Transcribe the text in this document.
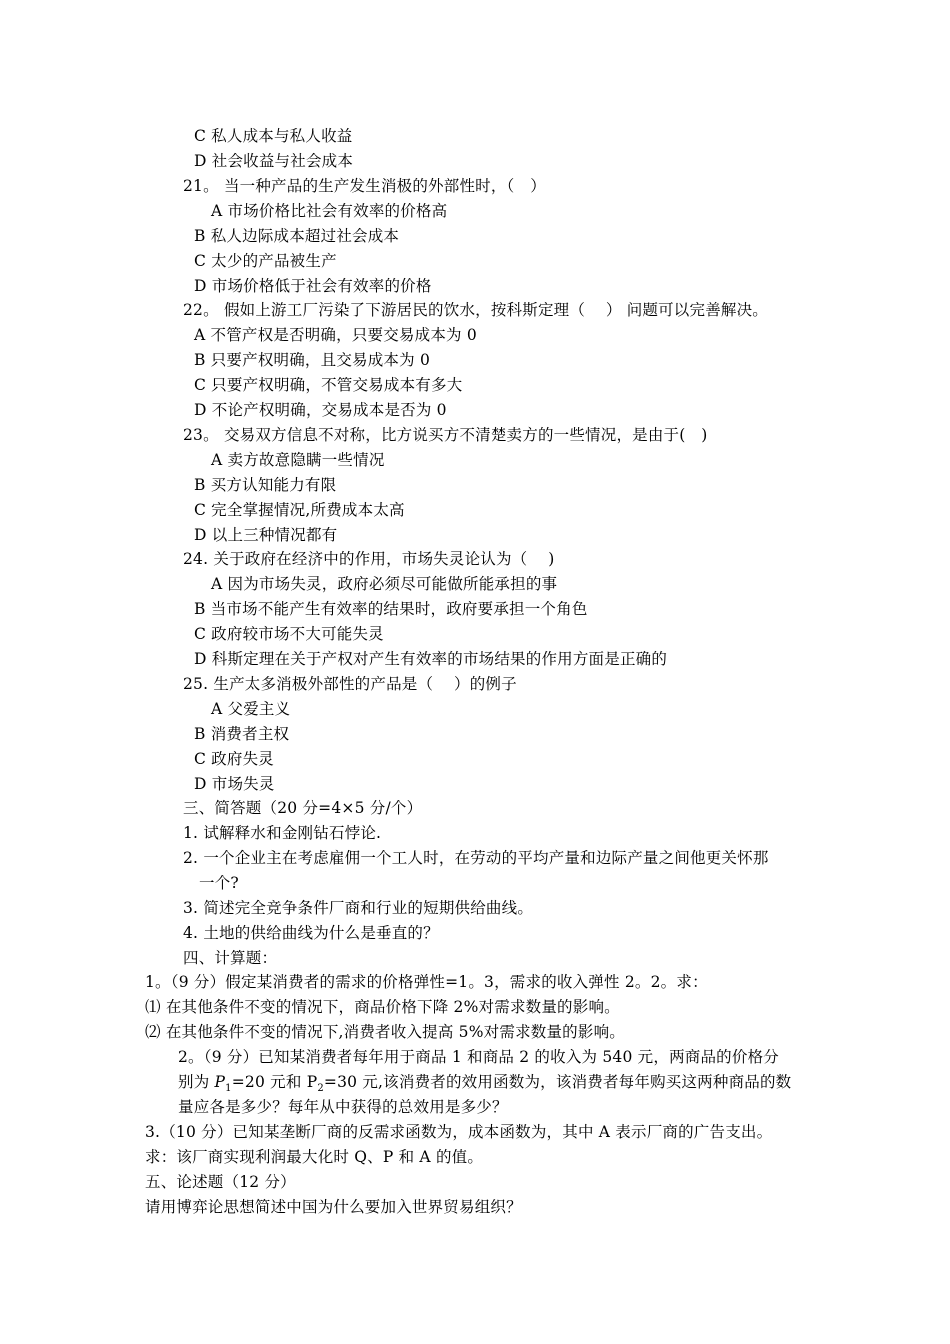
C 私人成本与私人收益

D 社会收益与社会成本

21。 当一种产品的生产发生消极的外部性时，（　）

A 市场价格比社会有效率的价格高

B 私人边际成本超过社会成本

C 太少的产品被生产

D 市场价格低于社会有效率的价格

22。 假如上游工厂污染了下游居民的饮水，按科斯定理（　 ） 问题可以完善解决。

A 不管产权是否明确，只要交易成本为 0

B 只要产权明确，且交易成本为 0

C 只要产权明确，不管交易成本有多大

D 不论产权明确，交易成本是否为 0

23。 交易双方信息不对称，比方说买方不清楚卖方的一些情况，是由于(　)

A 卖方故意隐瞒一些情况

B 买方认知能力有限

C 完全掌握情况,所费成本太高

D 以上三种情况都有

24. 关于政府在经济中的作用，市场失灵论认为（　 )

A 因为市场失灵，政府必须尽可能做所能承担的事

B 当市场不能产生有效率的结果时，政府要承担一个角色

C 政府较市场不大可能失灵

D 科斯定理在关于产权对产生有效率的市场结果的作用方面是正确的

25. 生产太多消极外部性的产品是（　 ）的例子

A 父爱主义

B 消费者主权

C 政府失灵

D 市场失灵

三、简答题（20 分=4×5 分/个）

1. 试解释水和金刚钻石悖论.

2. 一个企业主在考虑雇佣一个工人时，在劳动的平均产量和边际产量之间他更关怀那

一个?

3. 简述完全竞争条件厂商和行业的短期供给曲线。

4. 土地的供给曲线为什么是垂直的？

四、计算题：

1。（9 分）假定某消费者的需求的价格弹性=1。3，需求的收入弹性 2。2。求：

⑴ 在其他条件不变的情况下，商品价格下降 2%对需求数量的影响。

⑵ 在其他条件不变的情况下,消费者收入提高 5%对需求数量的影响。

2。（9 分）已知某消费者每年用于商品 1 和商品 2 的收入为 540 元，两商品的价格分

别为 $P_1=20$ 元和 $P_2=30$ 元,该消费者的效用函数为，该消费者每年购买这两种商品的数

量应各是多少？每年从中获得的总效用是多少？

3.（10 分）已知某垄断厂商的反需求函数为，成本函数为，其中 A 表示厂商的广告支出。

求：该厂商实现利润最大化时 Q、P 和 A 的值。

五、论述题（12 分）

请用博弈论思想简述中国为什么要加入世界贸易组织？
